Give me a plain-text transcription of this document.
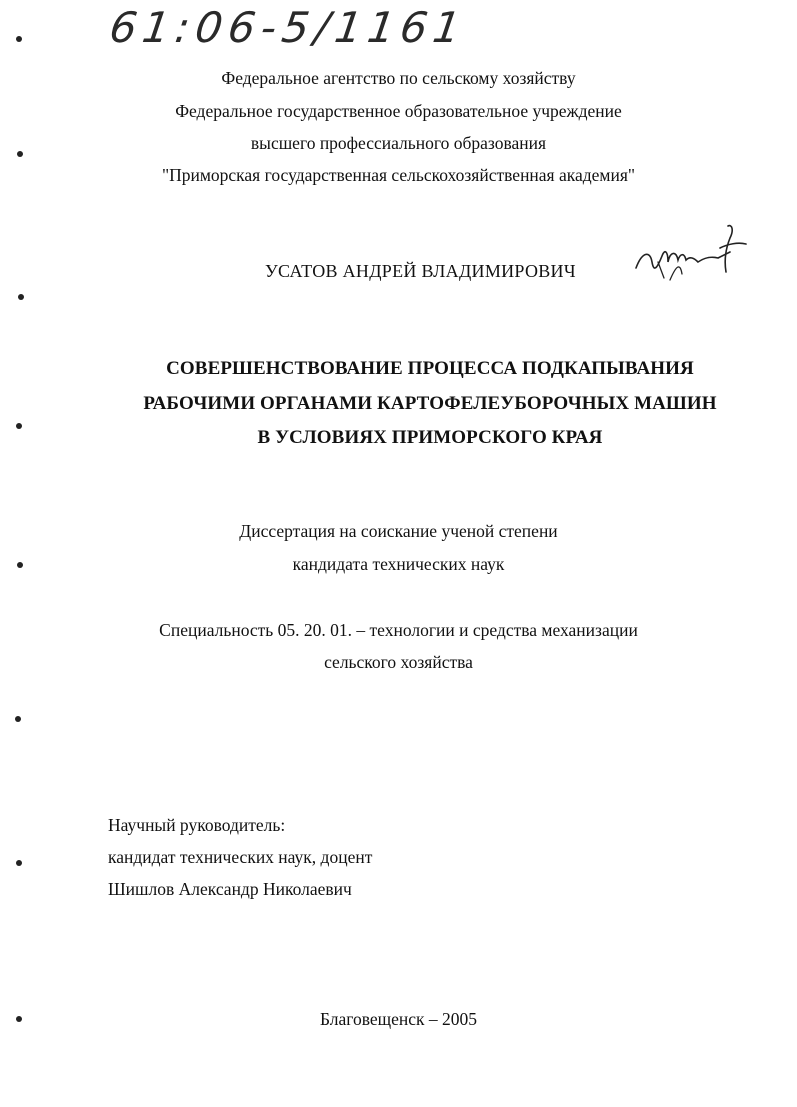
61:06-5/1161
Федеральное агентство по сельскому хозяйству
Федеральное государственное образовательное учреждение
высшего профессиального образования
"Приморская государственная сельскохозяйственная академия"
УСАТОВ АНДРЕЙ ВЛАДИМИРОВИЧ
СОВЕРШЕНСТВОВАНИЕ ПРОЦЕССА ПОДКАПЫВАНИЯ
РАБОЧИМИ ОРГАНАМИ КАРТОФЕЛЕУБОРОЧНЫХ МАШИН
В УСЛОВИЯХ ПРИМОРСКОГО КРАЯ
Диссертация на соискание ученой степени
кандидата технических наук
Специальность 05. 20. 01. – технологии и средства механизации
сельского хозяйства
Научный руководитель:
кандидат технических наук, доцент
Шишлов Александр Николаевич
Благовещенск – 2005
